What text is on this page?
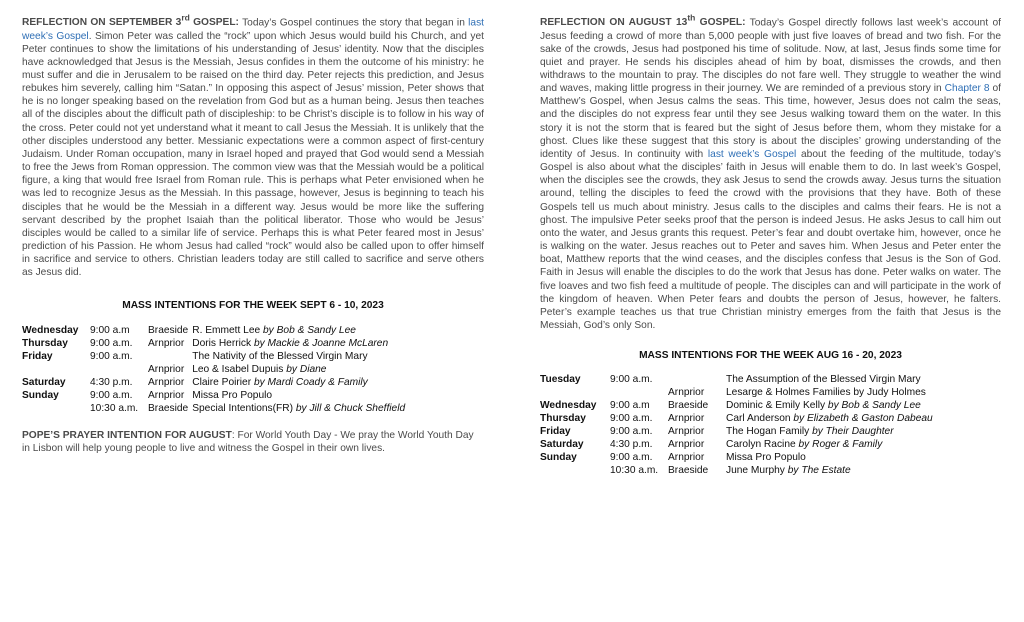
REFLECTION ON SEPTEMBER 3rd GOSPEL: Today’s Gospel continues the story that began in last week’s Gospel. Simon Peter was called the “rock” upon which Jesus would build his Church, and yet Peter continues to show the limitations of his understanding of Jesus’ identity. Now that the disciples have acknowledged that Jesus is the Messiah, Jesus confides in them the outcome of his ministry: he must suffer and die in Jerusalem to be raised on the third day. Peter rejects this prediction, and Jesus rebukes him severely, calling him “Satan.” In opposing this aspect of Jesus’ mission, Peter shows that he is no longer speaking based on the revelation from God but as a human being. Jesus then teaches all of the disciples about the difficult path of discipleship: to be Christ’s disciple is to follow in his way of the cross. Peter could not yet understand what it meant to call Jesus the Messiah. It is unlikely that the other disciples understood any better. Messianic expectations were a common aspect of first-century Judaism. Under Roman occupation, many in Israel hoped and prayed that God would send a Messiah to free the Jews from Roman oppression. The common view was that the Messiah would be a political figure, a king that would free Israel from Roman rule. This is perhaps what Peter envisioned when he was led to recognize Jesus as the Messiah. In this passage, however, Jesus is beginning to teach his disciples that he would be the Messiah in a different way. Jesus would be more like the suffering servant described by the prophet Isaiah than the political liberator. Those who would be Jesus’ disciples would be called to a similar life of service. Perhaps this is what Peter feared most in Jesus’ prediction of his Passion. He whom Jesus had called “rock” would also be called upon to offer himself in sacrifice and service to others. Christian leaders today are still called to sacrifice and serve others as Jesus did.

MASS INTENTIONS FOR THE WEEK SEPT 6 - 10, 2023

Wednesday	9:00 a.m	Braeside	R. Emmett Lee by Bob & Sandy Lee
Thursday	9:00 a.m.	Arnprior	Doris Herrick by Mackie & Joanne McLaren
Friday	9:00 a.m.		The Nativity of the Blessed Virgin Mary
		Arnprior	Leo & Isabel Dupuis by Diane
Saturday	4:30 p.m.	Arnprior	Claire Poirier by Mardi Coady & Family
Sunday	9:00 a.m.	Arnprior	Missa Pro Populo
	10:30 a.m.	Braeside	Special Intentions(FR) by Jill & Chuck Sheffield

POPE’S PRAYER INTENTION FOR AUGUST: For World Youth Day - We pray the World Youth Day in Lisbon will help young people to live and witness the Gospel in their own lives.

REFLECTION ON AUGUST 13th GOSPEL: Today’s Gospel directly follows last week’s account of Jesus feeding a crowd of more than 5,000 people with just five loaves of bread and two fish. For the sake of the crowds, Jesus had postponed his time of solitude. Now, at last, Jesus finds some time for quiet and prayer. He sends his disciples ahead of him by boat, dismisses the crowds, and then withdraws to the mountain to pray. The disciples do not fare well. They struggle to weather the wind and waves, making little progress in their journey. We are reminded of a previous story in Chapter 8 of Matthew’s Gospel, when Jesus calms the seas. This time, however, Jesus does not calm the seas, and the disciples do not express fear until they see Jesus walking toward them on the water. In this story it is not the storm that is feared but the sight of Jesus before them, whom they mistake for a ghost. Clues like these suggest that this story is about the disciples’ growing understanding of the identity of Jesus. In continuity with last week’s Gospel about the feeding of the multitude, today’s Gospel is also about what the disciples’ faith in Jesus will enable them to do. In last week’s Gospel, when the disciples see the crowds, they ask Jesus to send the crowds away. Jesus turns the situation around, telling the disciples to feed the crowd with the provisions that they have. Both of these Gospels tell us much about ministry. Jesus calls to the disciples and calms their fears. He is not a ghost. The impulsive Peter seeks proof that the person is indeed Jesus. He asks Jesus to call him out onto the water, and Jesus grants this request. Peter’s fear and doubt overtake him, however, once he is walking on the water. Jesus reaches out to Peter and saves him. When Jesus and Peter enter the boat, Matthew reports that the wind ceases, and the disciples confess that Jesus is the Son of God. Faith in Jesus will enable the disciples to do the work that Jesus has done. Peter walks on water. The five loaves and two fish feed a multitude of people. The disciples can and will participate in the work of the kingdom of heaven. When Peter fears and doubts the person of Jesus, however, he falters. Peter’s example teaches us that true Christian ministry emerges from the faith that Jesus is the Messiah, God’s only Son.

MASS INTENTIONS FOR THE WEEK AUG 16 - 20, 2023

Tuesday	9:00 a.m.		The Assumption of the Blessed Virgin Mary
		Arnprior	Lesarge & Holmes Families by Judy Holmes
Wednesday	9:00 a.m	Braeside	Dominic & Emily Kelly by Bob & Sandy Lee
Thursday	9:00 a.m.	Arnprior	Carl Anderson by Elizabeth & Gaston Dabeau
Friday	9:00 a.m.	Arnprior	The Hogan Family by Their Daughter
Saturday	4:30 p.m.	Arnprior	Carolyn Racine by Roger & Family
Sunday	9:00 a.m.	Arnprior	Missa Pro Populo
	10:30 a.m.	Braeside	June Murphy by The Estate
